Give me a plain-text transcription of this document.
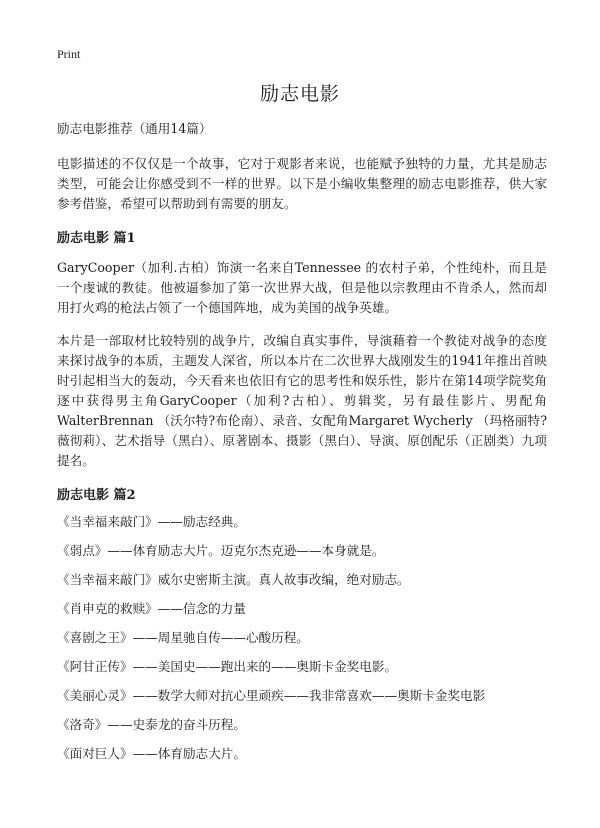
Print
励志电影

励志电影推荐（通用14篇）

电影描述的不仅仅是一个故事，它对于观影者来说，也能赋予独特的力量，尤其是励志类型，可能会让你感受到不一样的世界。以下是小编收集整理的励志电影推荐，供大家参考借鉴，希望可以帮助到有需要的朋友。

励志电影 篇1

GaryCooper（加利.古柏）饰演一名来自Tennessee 的农村子弟，个性纯朴，而且是一个虔诚的教徒。他被逼参加了第一次世界大战，但是他以宗教理由不肯杀人，然而却用打火鸡的枪法占领了一个德国阵地，成为美国的战争英雄。

本片是一部取材比较特别的战争片，改编自真实事件，导演藉着一个教徒对战争的态度来探讨战争的本质，主题发人深省，所以本片在二次世界大战刚发生的1941年推出首映时引起相当大的轰动，今天看来也依旧有它的思考性和娱乐性，影片在第14项学院奖角逐中获得男主角GaryCooper（加利?古柏）、剪辑奖，另有最佳影片、男配角WalterBrennan （沃尔特?布伦南）、录音、女配角Margaret Wycherly （玛格丽特?薇彻莉）、艺术指导（黑白）、原著剧本、摄影（黑白）、导演、原创配乐（正剧类）九项提名。

励志电影 篇2

《当幸福来敲门》——励志经典。

《弱点》——体育励志大片。迈克尔杰克逊——本身就是。

《当幸福来敲门》威尔史密斯主演。真人故事改编，绝对励志。

《肖申克的救赎》——信念的力量

《喜剧之王》——周星驰自传——心酸历程。

《阿甘正传》——美国史——跑出来的——奥斯卡金奖电影。

《美丽心灵》——数学大师对抗心里顽疾——我非常喜欢——奥斯卡金奖电影

《洛奇》——史泰龙的奋斗历程。

《面对巨人》——体育励志大片。
